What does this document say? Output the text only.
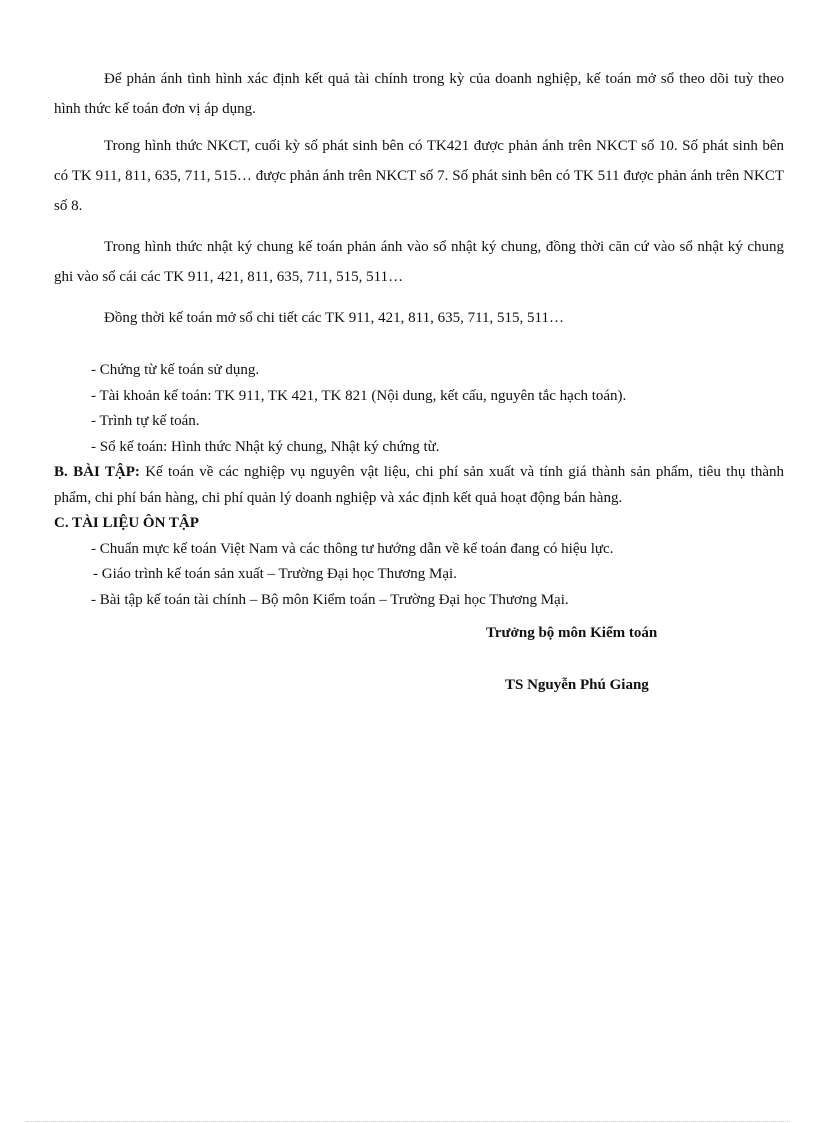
Để phản ánh tình hình xác định kết quả tài chính trong kỳ của doanh nghiệp, kế toán mở sổ theo dõi tuỳ theo hình thức kế toán đơn vị áp dụng.

Trong hình thức NKCT, cuối kỳ số phát sinh bên có TK421 được phản ánh trên NKCT số 10. Số phát sinh bên có TK 911, 811, 635, 711, 515… được phản ánh trên NKCT số 7. Số phát sinh bên có TK 511 được phản ánh trên NKCT số 8.

Trong hình thức nhật ký chung kế toán phản ánh vào sổ nhật ký chung, đồng thời căn cứ vào sổ nhật ký chung ghi vào sổ cái các TK 911, 421, 811, 635, 711, 515, 511…

Đồng thời kế toán mở sổ chi tiết các TK 911, 421, 811, 635, 711, 515, 511…

- Chứng từ kế toán sử dụng.
- Tài khoản kế toán: TK 911, TK 421, TK 821 (Nội dung, kết cấu, nguyên tắc hạch toán).
- Trình tự kế toán.
- Sổ kế toán: Hình thức Nhật ký chung, Nhật ký chứng từ.

B. BÀI TẬP: Kế toán về các nghiệp vụ nguyên vật liệu, chi phí sản xuất và tính giá thành sản phẩm, tiêu thụ thành phẩm, chi phí bán hàng, chi phí quản lý doanh nghiệp và xác định kết quả hoạt động bán hàng.

C. TÀI LIỆU ÔN TẬP

- Chuẩn mực kế toán Việt Nam và các thông tư hướng dẫn về kế toán đang có hiệu lực.
- Giáo trình kế toán sản xuất – Trường Đại học Thương Mại.
- Bài tập kế toán tài chính – Bộ môn Kiểm toán – Trường Đại học Thương Mại.
Trưởng bộ môn Kiểm toán
TS Nguyễn Phú Giang
